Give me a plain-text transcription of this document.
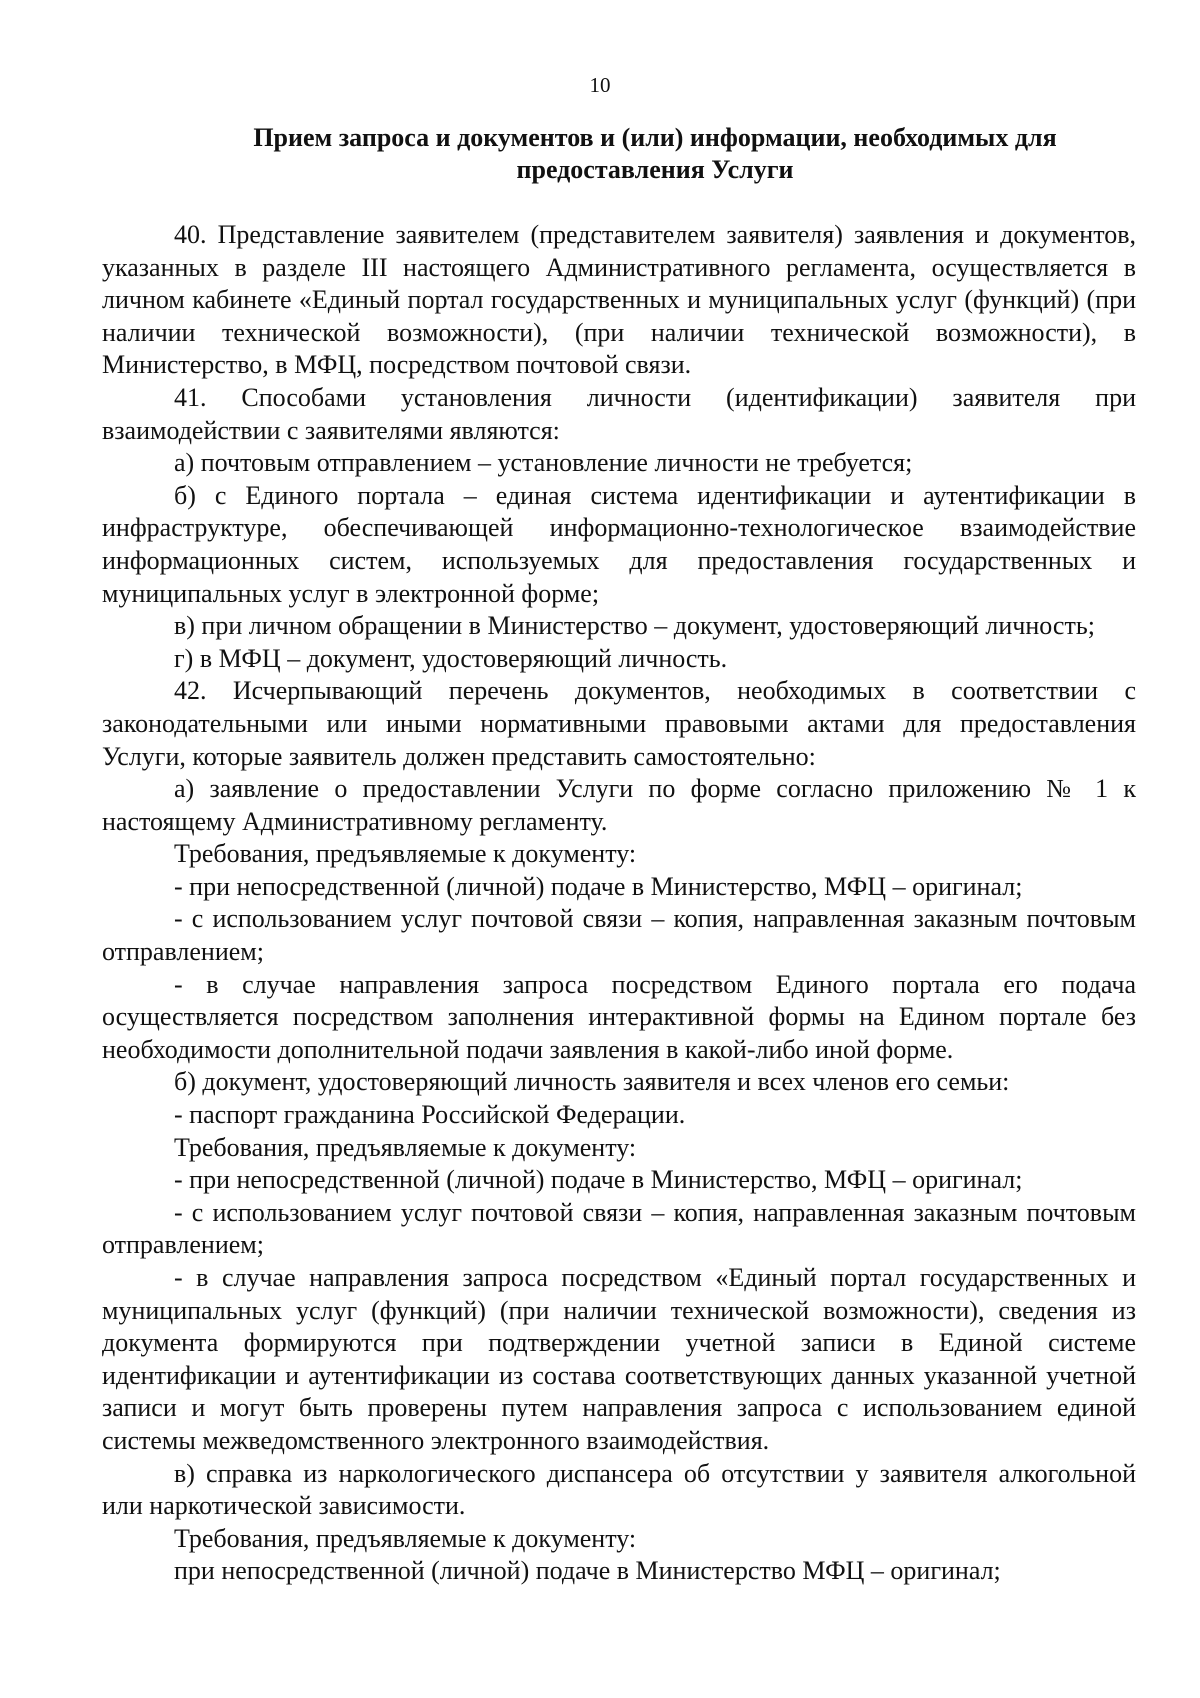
10
Прием запроса и документов и (или) информации, необходимых для предоставления Услуги

40. Представление заявителем (представителем заявителя) заявления и документов, указанных в разделе III настоящего Административного регламента, осуществляется в личном кабинете «Единый портал государственных и муниципальных услуг (функций) (при наличии технической возможности), (при наличии технической возможности), в Министерство, в МФЦ, посредством почтовой связи.

41. Способами установления личности (идентификации) заявителя при взаимодействии с заявителями являются:

а) почтовым отправлением – установление личности не требуется;

б) с Единого портала – единая система идентификации и аутентификации в инфраструктуре, обеспечивающей информационно-технологическое взаимодействие информационных систем, используемых для предоставления государственных и муниципальных услуг в электронной форме;

в) при личном обращении в Министерство – документ, удостоверяющий личность;

г) в МФЦ – документ, удостоверяющий личность.

42. Исчерпывающий перечень документов, необходимых в соответствии с законодательными или иными нормативными правовыми актами для предоставления Услуги, которые заявитель должен представить самостоятельно:

а) заявление о предоставлении Услуги по форме согласно приложению № 1 к настоящему Административному регламенту.

Требования, предъявляемые к документу:

- при непосредственной (личной) подаче в Министерство, МФЦ – оригинал;

- с использованием услуг почтовой связи – копия, направленная заказным почтовым отправлением;

- в случае направления запроса посредством Единого портала его подача осуществляется посредством заполнения интерактивной формы на Едином портале без необходимости дополнительной подачи заявления в какой-либо иной форме.

б) документ, удостоверяющий личность заявителя и всех членов его семьи:

- паспорт гражданина Российской Федерации.

Требования, предъявляемые к документу:

- при непосредственной (личной) подаче в Министерство, МФЦ – оригинал;

- с использованием услуг почтовой связи – копия, направленная заказным почтовым отправлением;

- в случае направления запроса посредством «Единый портал государственных и муниципальных услуг (функций) (при наличии технической возможности), сведения из документа формируются при подтверждении учетной записи в Единой системе идентификации и аутентификации из состава соответствующих данных указанной учетной записи и могут быть проверены путем направления запроса с использованием единой системы межведомственного электронного взаимодействия.

в) справка из наркологического диспансера об отсутствии у заявителя алкогольной или наркотической зависимости.

Требования, предъявляемые к документу:

при непосредственной (личной) подаче в Министерство МФЦ – оригинал;
